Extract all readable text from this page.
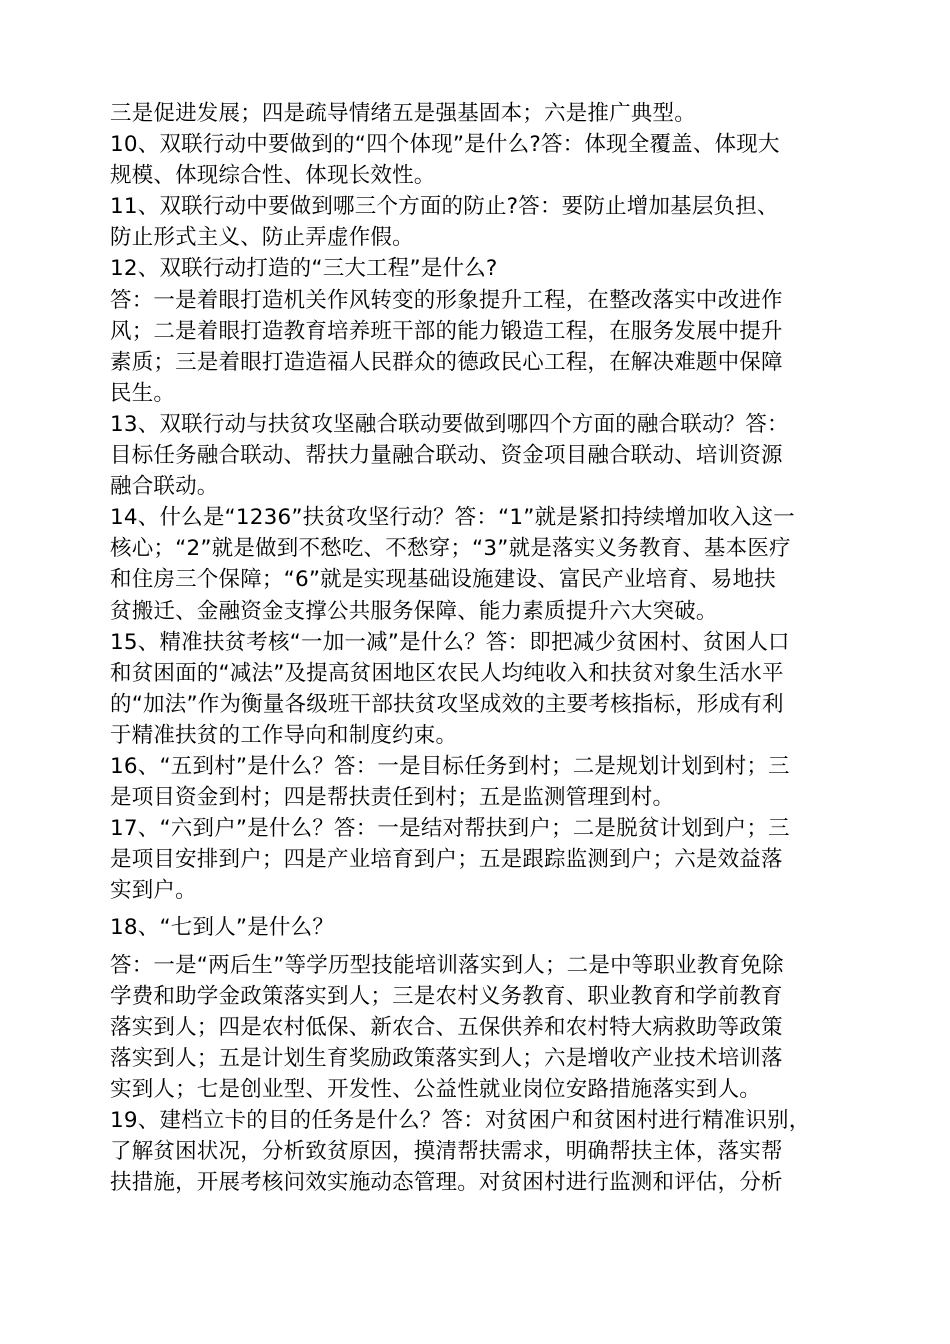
三是促进发展；四是疏导情绪五是强基固本；六是推广典型。
10、双联行动中要做到的“四个体现”是什么?答：体现全覆盖、体现大
规模、体现综合性、体现长效性。
11、双联行动中要做到哪三个方面的防止?答：要防止增加基层负担、
防止形式主义、防止弄虚作假。
12、双联行动打造的“三大工程”是什么?
答：一是着眼打造机关作风转变的形象提升工程，在整改落实中改进作
风；二是着眼打造教育培养班干部的能力锻造工程，在服务发展中提升
素质；三是着眼打造造福人民群众的德政民心工程，在解决难题中保障
民生。
13、双联行动与扶贫攻坚融合联动要做到哪四个方面的融合联动？答：
目标任务融合联动、帮扶力量融合联动、资金项目融合联动、培训资源
融合联动。
14、什么是“1236”扶贫攻坚行动？答：“1”就是紧扣持续增加收入这一
核心；“2”就是做到不愁吃、不愁穿；“3”就是落实义务教育、基本医疗
和住房三个保障；“6”就是实现基础设施建设、富民产业培育、易地扶
贫搬迁、金融资金支撑公共服务保障、能力素质提升六大突破。
15、精准扶贫考核“一加一减”是什么？答：即把减少贫困村、贫困人口
和贫困面的“减法”及提高贫困地区农民人均纯收入和扶贫对象生活水平
的“加法”作为衡量各级班干部扶贫攻坚成效的主要考核指标，形成有利
于精准扶贫的工作导向和制度约束。
16、“五到村”是什么？答：一是目标任务到村；二是规划计划到村；三
是项目资金到村；四是帮扶责任到村；五是监测管理到村。
17、“六到户”是什么？答：一是结对帮扶到户；二是脱贫计划到户；三
是项目安排到户；四是产业培育到户；五是跟踪监测到户；六是效益落
实到户。
18、“七到人”是什么？
答：一是“两后生”等学历型技能培训落实到人；二是中等职业教育免除
学费和助学金政策落实到人；三是农村义务教育、职业教育和学前教育
落实到人；四是农村低保、新农合、五保供养和农村特大病救助等政策
落实到人；五是计划生育奖励政策落实到人；六是增收产业技术培训落
实到人；七是创业型、开发性、公益性就业岗位安路措施落实到人。
19、建档立卡的目的任务是什么？答：对贫困户和贫困村进行精准识别，
了解贫困状况，分析致贫原因，摸清帮扶需求，明确帮扶主体，落实帮
扶措施，开展考核问效实施动态管理。对贫困村进行监测和评估，分析
